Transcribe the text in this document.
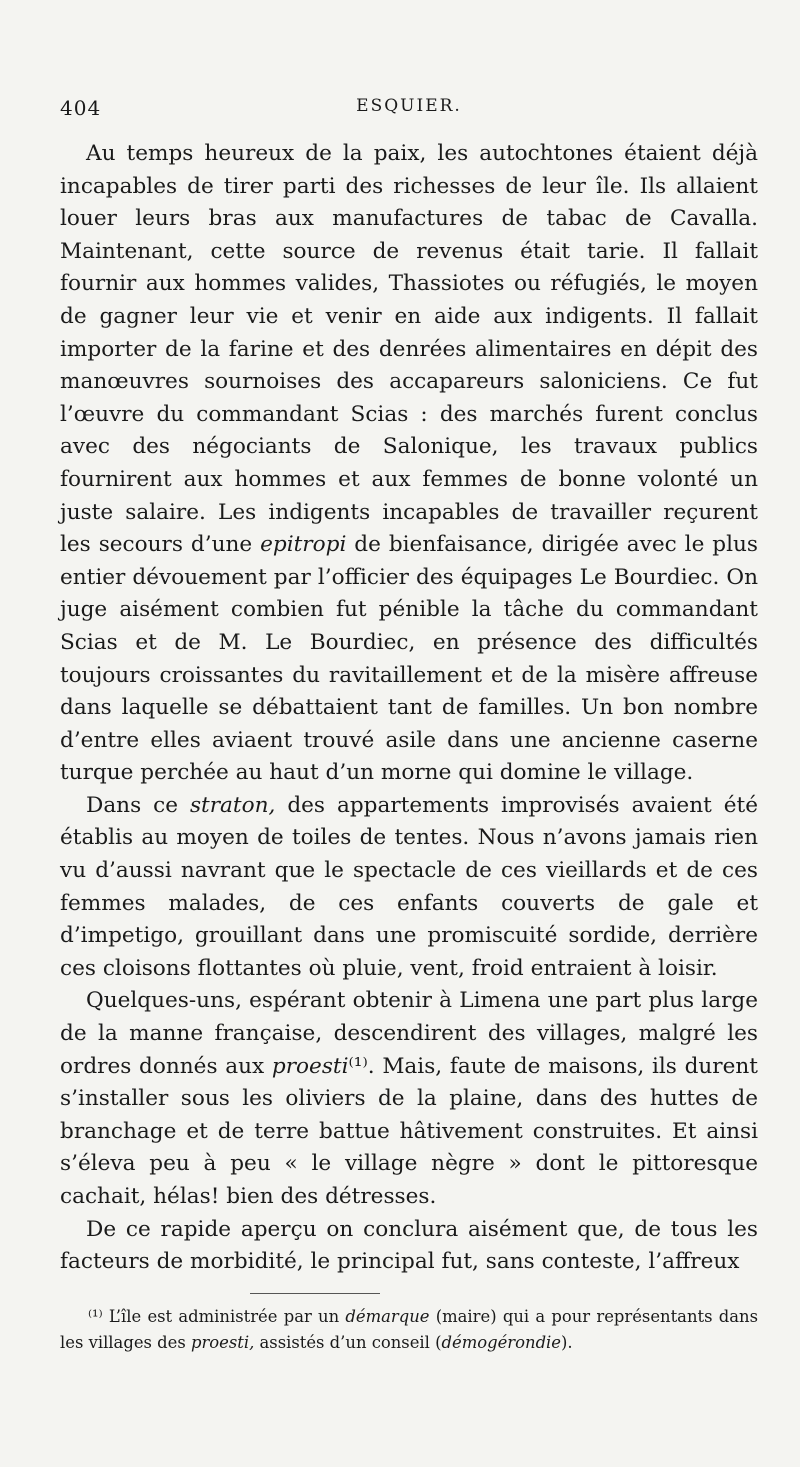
404	ESQUIER.

Au temps heureux de la paix, les autochtones étaient déjà incapables de tirer parti des richesses de leur île. Ils allaient louer leurs bras aux manufactures de tabac de Cavalla. Maintenant, cette source de revenus était tarie. Il fallait fournir aux hommes valides, Thassiotes ou réfugiés, le moyen de gagner leur vie et venir en aide aux indigents. Il fallait importer de la farine et des denrées alimentaires en dépit des manœuvres sournoises des accapareurs saloniciens. Ce fut l’œuvre du commandant Scias : des marchés furent conclus avec des négociants de Salonique, les travaux publics fournirent aux hommes et aux femmes de bonne volonté un juste salaire. Les indigents incapables de travailler reçurent les secours d’une epitropi de bienfaisance, dirigée avec le plus entier dévouement par l’officier des équipages Le Bourdiec. On juge aisément combien fut pénible la tâche du commandant Scias et de M. Le Bourdiec, en présence des difficultés toujours croissantes du ravitaillement et de la misère affreuse dans laquelle se débattaient tant de familles. Un bon nombre d’entre elles aviaent trouvé asile dans une ancienne caserne turque perchée au haut d’un morne qui domine le village.

Dans ce straton, des appartements improvisés avaient été établis au moyen de toiles de tentes. Nous n’avons jamais rien vu d’aussi navrant que le spectacle de ces vieillards et de ces femmes malades, de ces enfants couverts de gale et d’impetigo, grouillant dans une promiscuité sordide, derrière ces cloisons flottantes où pluie, vent, froid entraient à loisir.

Quelques-uns, espérant obtenir à Limena une part plus large de la manne française, descendirent des villages, malgré les ordres donnés aux proesti⁽¹⁾. Mais, faute de maisons, ils durent s’installer sous les oliviers de la plaine, dans des huttes de branchage et de terre battue hâtivement construites. Et ainsi s’éleva peu à peu « le village nègre » dont le pittoresque cachait, hélas! bien des détresses.

De ce rapide aperçu on conclura aisément que, de tous les facteurs de morbidité, le principal fut, sans conteste, l’affreux

⁽¹⁾ L’île est administrée par un démarque (maire) qui a pour représentants dans les villages des proesti, assistés d’un conseil (démogérondie).
